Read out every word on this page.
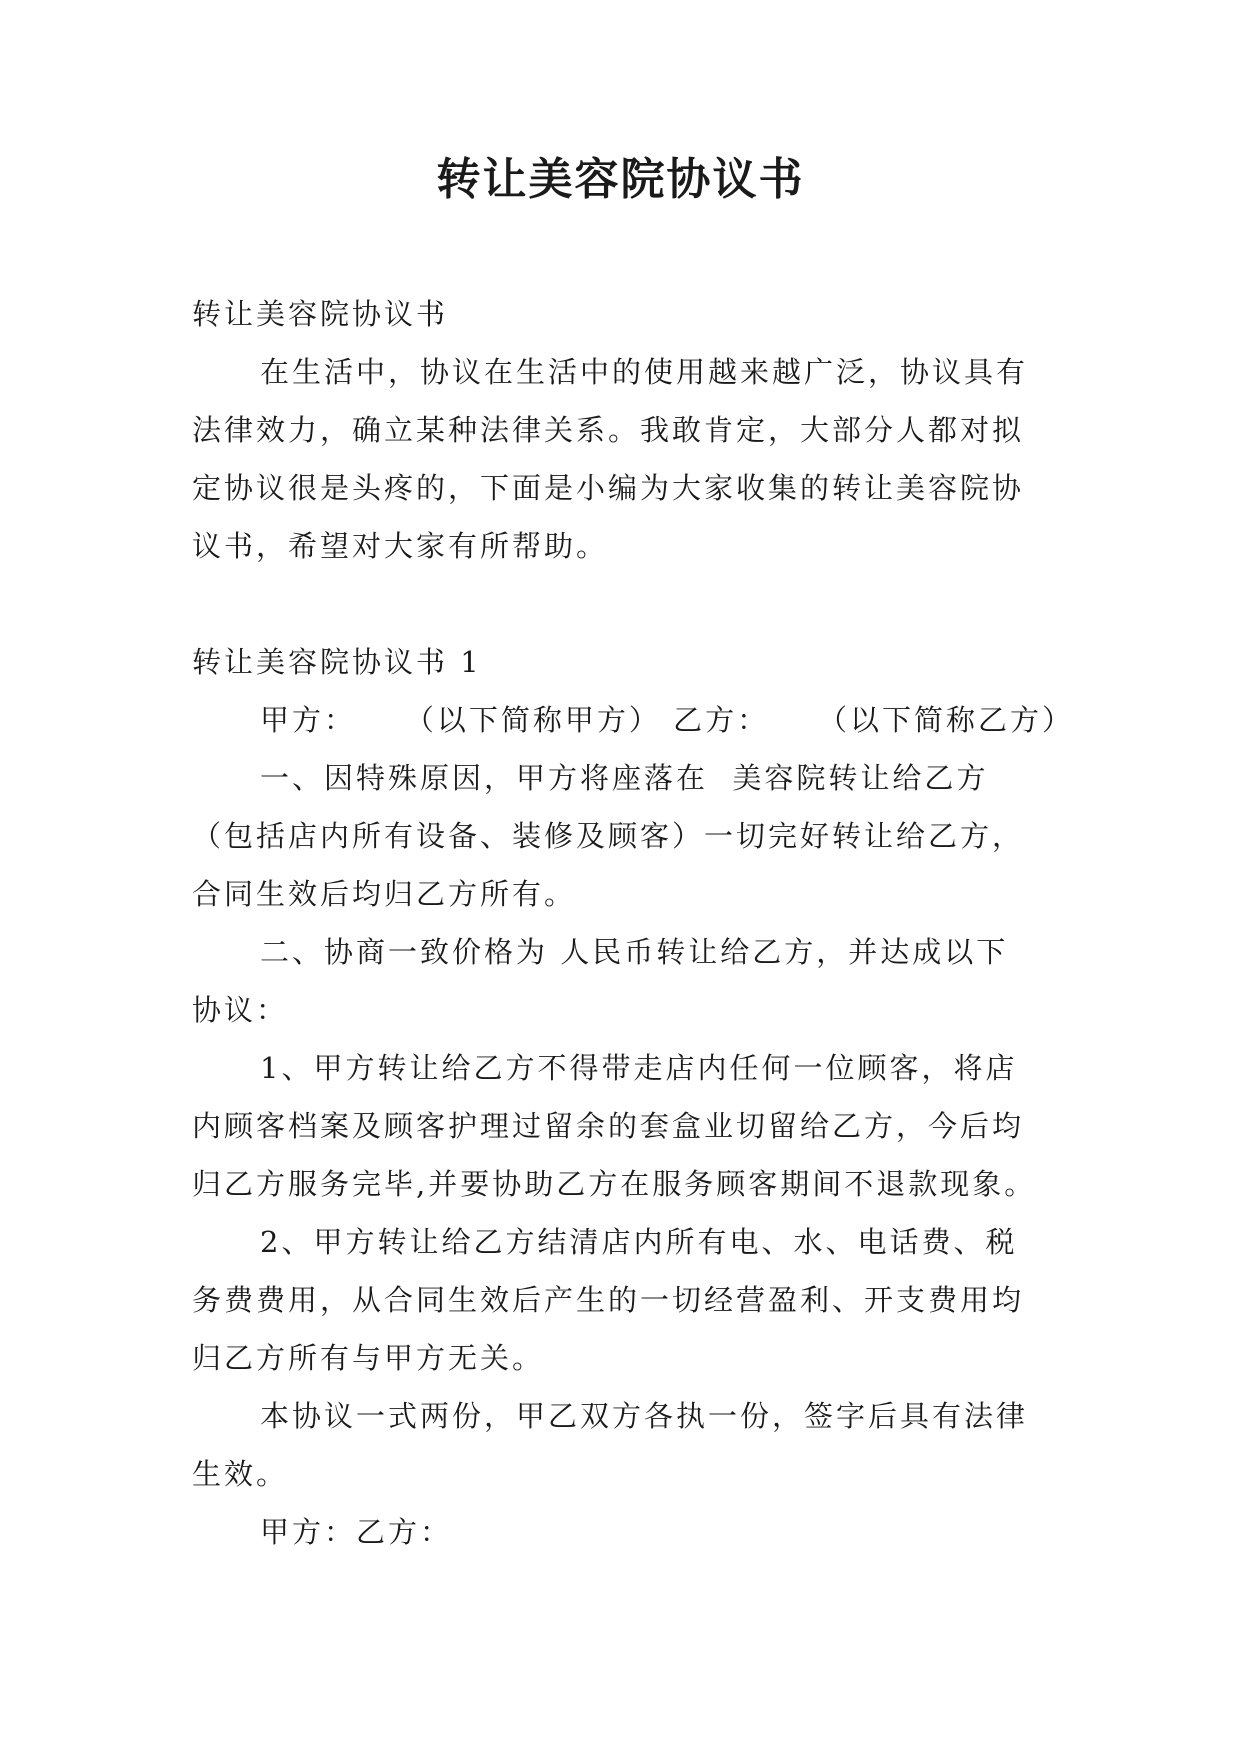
转让美容院协议书
转让美容院协议书
在生活中，协议在生活中的使用越来越广泛，协议具有
法律效力，确立某种法律关系。我敢肯定，大部分人都对拟
定协议很是头疼的，下面是小编为大家收集的转让美容院协
议书，希望对大家有所帮助。
转让美容院协议书 1
甲方：    （以下简称甲方） 乙方：    （以下简称乙方）
一、因特殊原因，甲方将座落在  美容院转让给乙方
（包括店内所有设备、装修及顾客）一切完好转让给乙方，
合同生效后均归乙方所有。
二、协商一致价格为 人民币转让给乙方，并达成以下
协议：
1、甲方转让给乙方不得带走店内任何一位顾客，将店
内顾客档案及顾客护理过留余的套盒业切留给乙方，今后均
归乙方服务完毕,并要协助乙方在服务顾客期间不退款现象。
2、甲方转让给乙方结清店内所有电、水、电话费、税
务费费用，从合同生效后产生的一切经营盈利、开支费用均
归乙方所有与甲方无关。
本协议一式两份，甲乙双方各执一份，签字后具有法律
生效。
甲方：乙方：
